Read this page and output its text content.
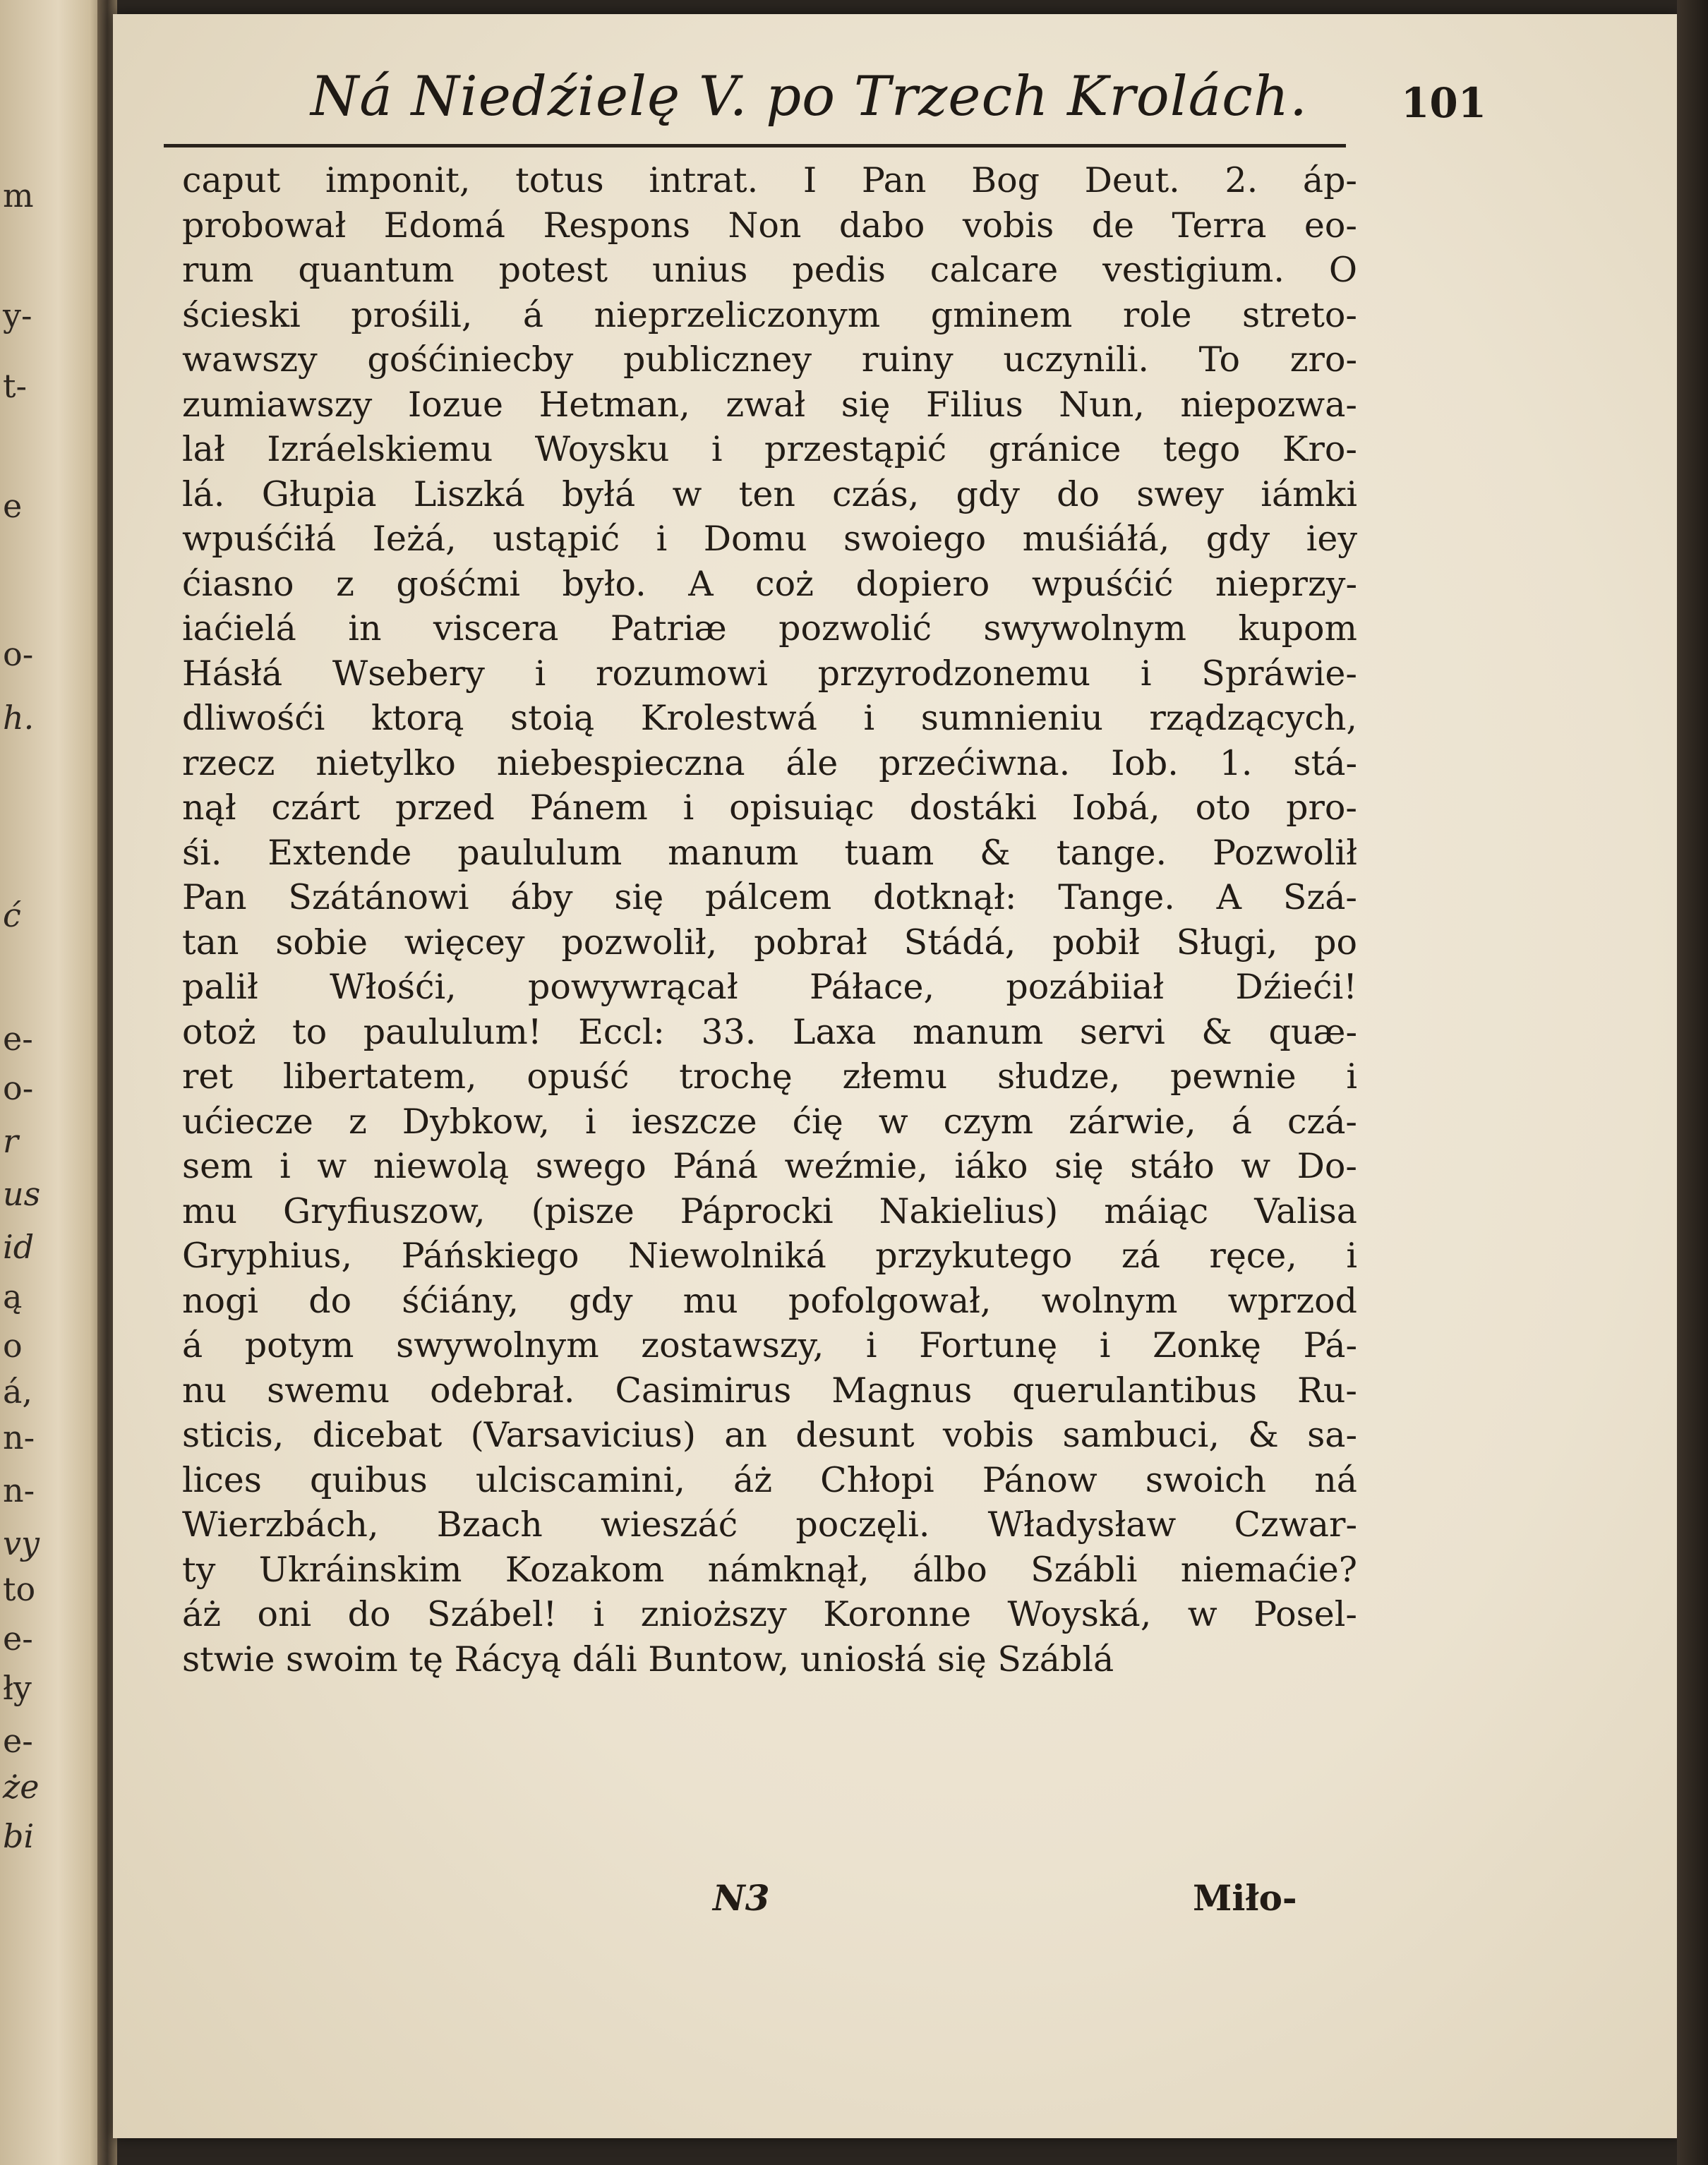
m
y-
t-
e
o-
h.
ć
e-
o-
r
us
id
ą
o
á,
n-
n-
vy
to
e-
ły
e-
że
bi
Ná Niedźielę V. po Trzech Krolách.	101
caput imponit, totus intrat. I Pan Bog Deut. 2. áp-
probował Edomá Respons Non dabo vobis de Terra eo-
rum quantum potest unius pedis calcare vestigium. O
ścieski prośili, á nieprzeliczonym gminem role streto-
wawszy gośćiniecby publiczney ruiny uczynili. To zro-
zumiawszy Iozue Hetman, zwał się Filius Nun, niepozwa-
lał Izráelskiemu Woysku i przestąpić gránice tego Kro-
lá. Głupia Liszká byłá w ten czás, gdy do swey iámki
wpuśćiłá Ieżá, ustąpić i Domu swoiego muśiáłá, gdy iey
ćiasno z gośćmi było. A coż dopiero wpuśćić nieprzy-
iaćielá in viscera Patriæ pozwolić swywolnym kupom
Hásłá Wsebery i rozumowi przyrodzonemu i Spráwie-
dliwośći ktorą stoią Krolestwá i sumnieniu rządzących,
rzecz nietylko niebespieczna ále przećiwna. Iob. 1. stá-
nął czárt przed Pánem i opisuiąc dostáki Iobá, oto pro-
śi. Extende paululum manum tuam & tange. Pozwolił
Pan Szátánowi áby się pálcem dotknął: Tange. A Szá-
tan sobie więcey pozwolił, pobrał Stádá, pobił Sługi, po
palił Włośći, powywrącał Páłace, pozábiiał Dźieći!
otoż to paululum! Eccl: 33. Laxa manum servi & quæ-
ret libertatem, opuść trochę złemu słudze, pewnie i
ućiecze z Dybkow, i ieszcze ćię w czym zárwie, á czá-
sem i w niewolą swego Páná weźmie, iáko się stáło w Do-
mu Gryfiuszow, (pisze Páprocki Nakielius) máiąc Valisa
Gryphius, Páńskiego Niewolniká przykutego zá ręce, i
nogi do śćiány, gdy mu pofolgował, wolnym wprzod
á potym swywolnym zostawszy, i Fortunę i Zonkę Pá-
nu swemu odebrał. Casimirus Magnus querulantibus Ru-
sticis, dicebat (Varsavicius) an desunt vobis sambuci, & sa-
lices quibus ulciscamini, áż Chłopi Pánow swoich ná
Wierzbách, Bzach wieszáć poczęli. Władysław Czwar-
ty Ukráinskim Kozakom námknął, álbo Szábli niemaćie?
áż oni do Szábel! i znioższy Koronne Woyská, w Posel-
stwie swoim tę Rácyą dáli Buntow, uniosłá się Száblá
N3	Miło-
